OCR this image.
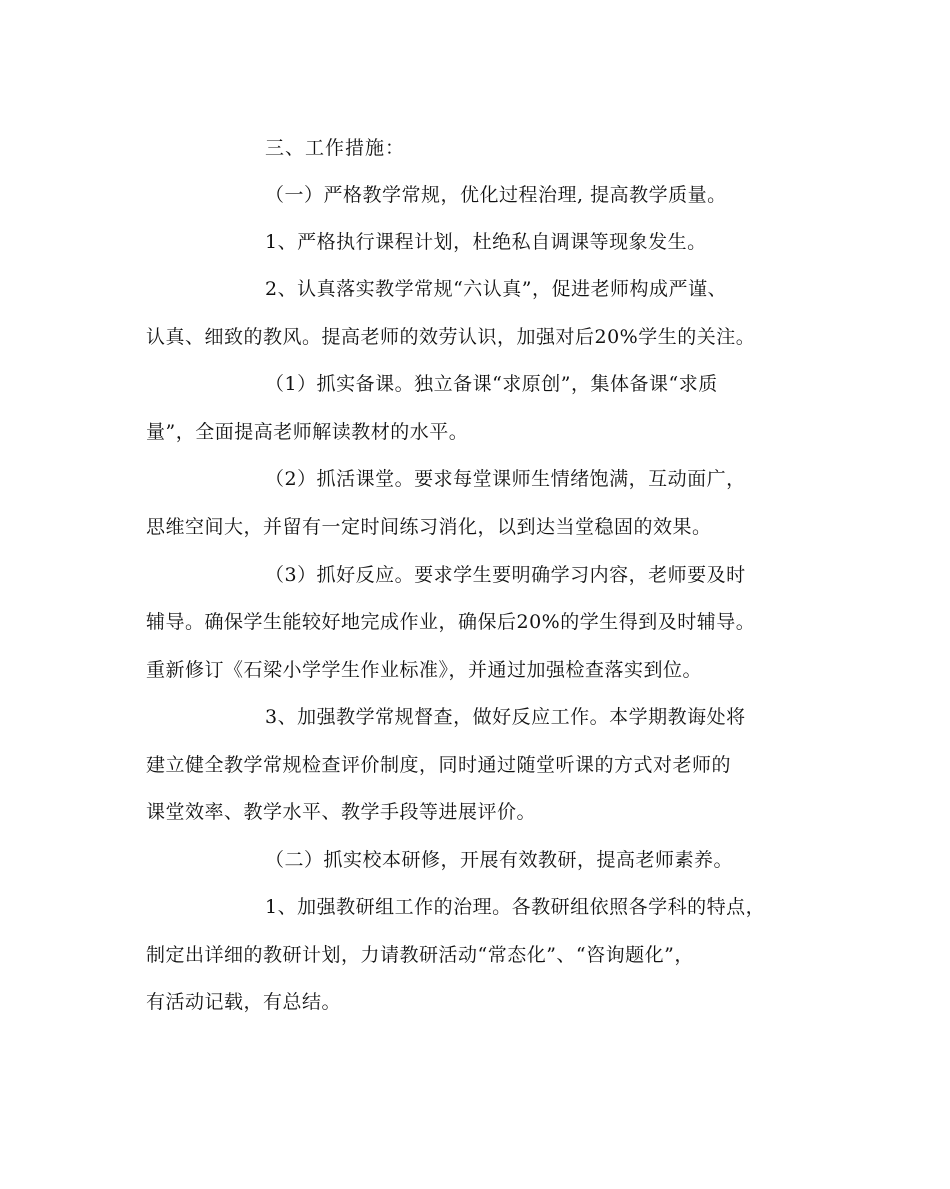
三、工作措施：
（一）严格教学常规，优化过程治理, 提高教学质量。
1、严格执行课程计划，杜绝私自调课等现象发生。
2、认真落实教学常规“六认真”，促进老师构成严谨、
认真、细致的教风。提高老师的效劳认识，加强对后20%学生的关注。
（1）抓实备课。独立备课“求原创”，集体备课“求质
量”，全面提高老师解读教材的水平。
（2）抓活课堂。要求每堂课师生情绪饱满，互动面广，
思维空间大，并留有一定时间练习消化，以到达当堂稳固的效果。
（3）抓好反应。要求学生要明确学习内容，老师要及时
辅导。确保学生能较好地完成作业，确保后20%的学生得到及时辅导。
重新修订《石梁小学学生作业标准》，并通过加强检查落实到位。
3、加强教学常规督查，做好反应工作。本学期教诲处将
建立健全教学常规检查评价制度，同时通过随堂听课的方式对老师的
课堂效率、教学水平、教学手段等进展评价。
（二）抓实校本研修，开展有效教研，提高老师素养。
1、加强教研组工作的治理。各教研组依照各学科的特点，
制定出详细的教研计划，力请教研活动“常态化”、“咨询题化”，
有活动记载，有总结。
